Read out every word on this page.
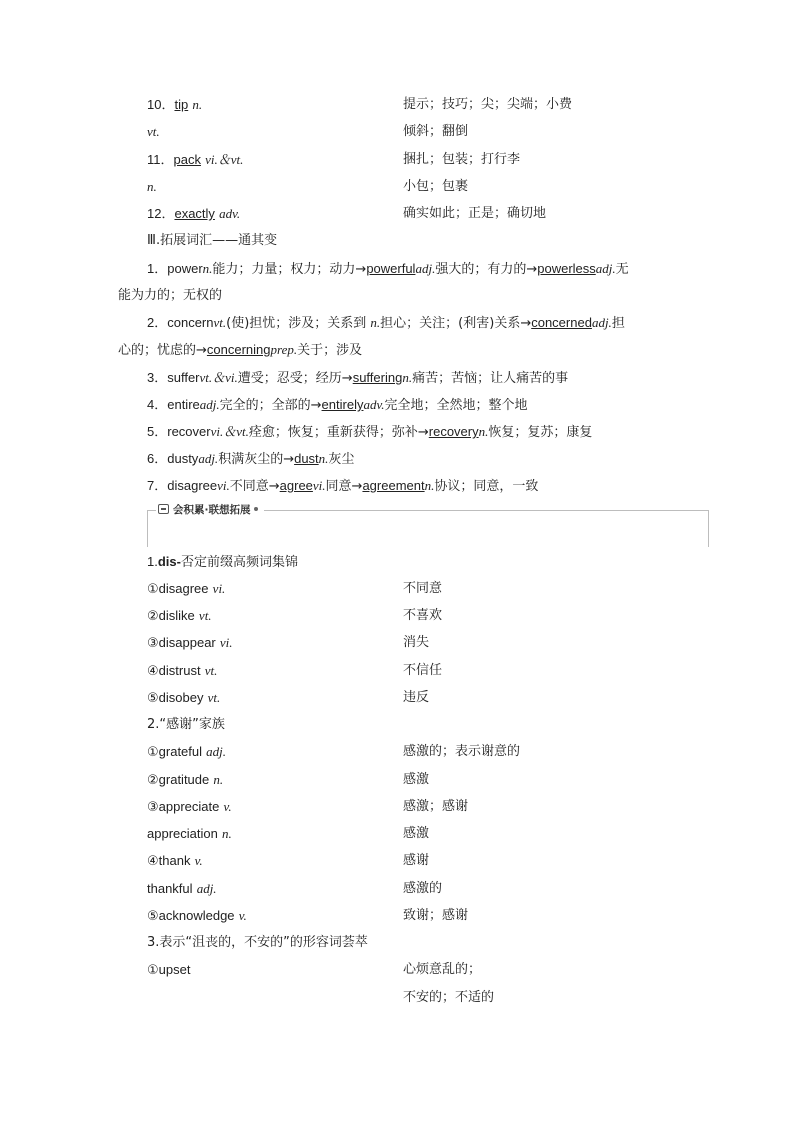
10．tip n.	提示；技巧；尖；尖端；小费
vt.	倾斜；翻倒
11．pack vi.＆vt.	捆扎；包装；打行李
n.	小包；包裹
12．exactly adv.	确实如此；正是；确切地
Ⅲ.拓展词汇——通其变
1．powern.能力；力量；权力；动力→powerfuladj.强大的；有力的→powerlessadj.无
能为力的；无权的
2．concernvt.(使)担忧；涉及；关系到 n.担心；关注；(利害)关系→concernedadj.担
心的；忧虑的→concerningprep.关于；涉及
3．suffervt.＆vi.遭受；忍受；经历→sufferingn.痛苦；苦恼；让人痛苦的事
4．entireadj.完全的；全部的→entirelyadv.完全地；全然地；整个地
5．recovervi.＆vt.痊愈；恢复；重新获得；弥补→recoveryn.恢复；复苏；康复
6．dustyadj.积满灰尘的→dustn.灰尘
7．disagreevi.不同意→agreevi.同意→agreementn.协议；同意，一致
会积累·联想拓展
1.dis-否定前缀高频词集锦
①disagree vi.	不同意
②dislike vt.	不喜欢
③disappear vi.	消失
④distrust vt.	不信任
⑤disobey vt.	违反
2.“感谢”家族
①grateful adj.	感激的；表示谢意的
②gratitude n.	感激
③appreciate v.	感激；感谢
appreciation n.	感激
④thank v.	感谢
thankful adj.	感激的
⑤acknowledge v.	致谢；感谢
3.表示“沮丧的，不安的”的形容词荟萃
①upset	心烦意乱的；
不安的；不适的
